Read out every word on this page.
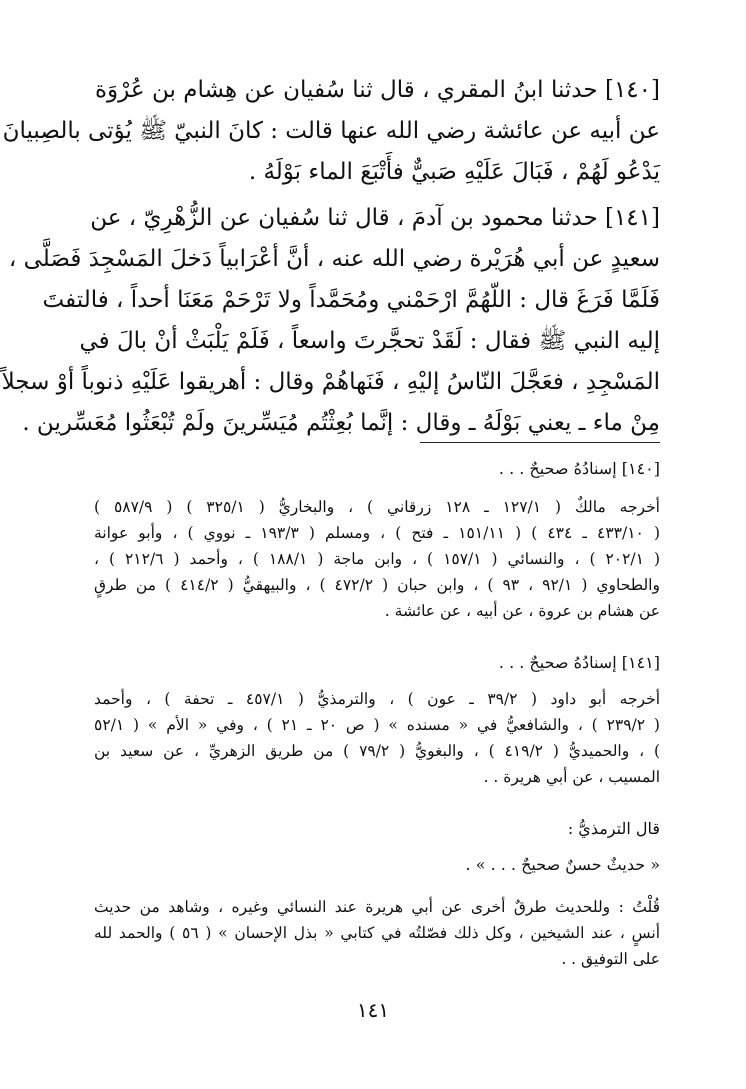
[١٤٠] حدثنا ابنُ المقري ، قال ثنا سُفيان عن هِشام بن عُرْوَة
عن أبيه عن عائشة رضي الله عنها قالت : كانَ النبيّ ﷺ يُؤتى بالصِبيانَ
يَدْعُو لَهُمْ ، فَبَالَ عَلَيْهِ صَبيٌّ فأَتْبَعَ الماء بَوْلَهُ .
[١٤١] حدثنا محمود بن آدمَ ، قال ثنا سُفيان عن الزُّهْرِيّ ، عن
سعيدٍ عن أبي هُرَيْرة رضي الله عنه ، أنَّ أعْرَابياً دَخلَ المَسْجِدَ فَصَلَّى ،
فَلَمَّا فَرَغَ قال : اللّهُمَّ ارْحَمْني ومُحَمَّداً ولا تَرْحَمْ مَعَنَا أحداً ، فالتفتَ
إليه النبي ﷺ فقال : لَقَدْ تحجَّرتَ واسعاً ، فَلَمْ يَلْبَثْ أنْ بالَ في
المَسْجِدِ ، فعَجَّلَ النّاسُ إليْهِ ، فَنَهاهُمْ وقال : أهريقوا عَلَيْهِ ذنوباً أوْ سجلاً
مِنْ ماء ـ يعني بَوْلَهُ ـ وقال : إنَّما بُعِثْتُم مُيَسِّرينَ ولَمْ تُبْعَثُوا مُعَسِّرين .
[١٤٠] إسنادُهُ صحيحٌ . . .
أخرجه مالكٌ ( ١٢٧/١ ـ ١٢٨ زرقاني ) ، والبخاريُّ ( ٣٢٥/١ ) ( ٥٨٧/٩ )
( ٤٣٣/١٠ ـ ٤٣٤ ) ( ١٥١/١١ ـ فتح ) ، ومسلم ( ١٩٣/٣ ـ نووي ) ، وأبو عوانة
( ٢٠٢/١ ) ، والنسائي ( ١٥٧/١ ) ، وابن ماجة ( ١٨٨/١ ) ، وأحمد ( ٢١٢/٦ ) ،
والطحاوي ( ٩٢/١ ، ٩٣ ) ، وابن حبان ( ٤٧٢/٢ ) ، والبيهقيُّ ( ٤١٤/٢ ) من طرقٍ
عن هشام بن عروة ، عن أبيه ، عن عائشة .
[١٤١] إسنادُهُ صحيحٌ . . .
أخرجه أبو داود ( ٣٩/٢ ـ عون ) ، والترمذيُّ ( ٤٥٧/١ ـ تحفة ) ، وأحمد
( ٢٣٩/٢ ) ، والشافعيُّ في « مسنده » ( ص ٢٠ ـ ٢١ ) ، وفي « الأم » ( ٥٢/١
) ، والحميديُّ ( ٤١٩/٢ ) ، والبغويُّ ( ٧٩/٢ ) من طريق الزهريِّ ، عن سعيد بن
المسيب ، عن أبي هريرة . .
قال الترمذيُّ :
« حديثٌ حسنٌ صحيحٌ . . . » .
قُلْتُ : وللحديث طرقٌ أخرى عن أبي هريرة عند النسائي وغيره ، وشاهد من حديث
أنسٍ ، عند الشيخين ، وكل ذلك فصّلتُه في كتابي « بذل الإحسان » ( ٥٦ ) والحمد لله
على التوفيق . .
١٤١
